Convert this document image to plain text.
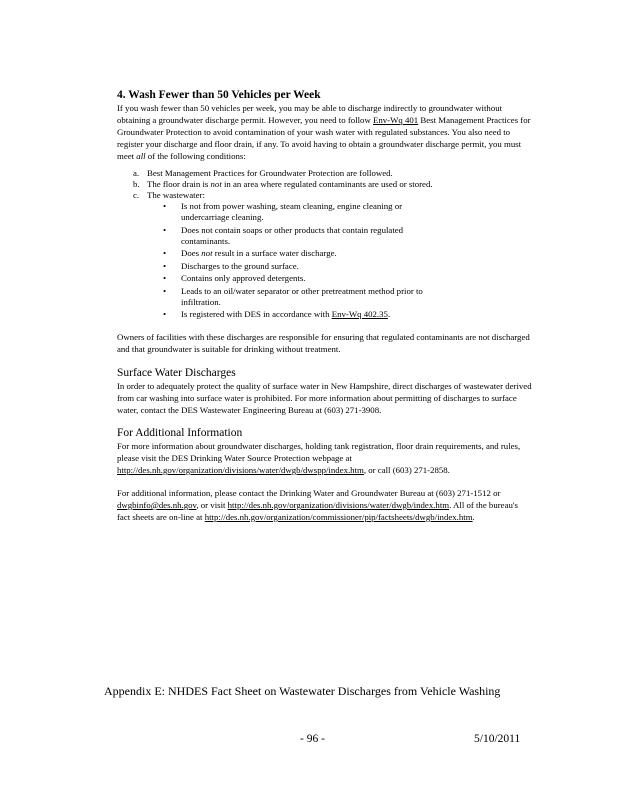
4. Wash Fewer than 50 Vehicles per Week

If you wash fewer than 50 vehicles per week, you may be able to discharge indirectly to groundwater without obtaining a groundwater discharge permit. However, you need to follow Env-Wq 401 Best Management Practices for Groundwater Protection to avoid contamination of your wash water with regulated substances. You also need to register your discharge and floor drain, if any. To avoid having to obtain a groundwater discharge permit, you must meet all of the following conditions:

a. Best Management Practices for Groundwater Protection are followed.
b. The floor drain is not in an area where regulated contaminants are used or stored.
c. The wastewater:
• Is not from power washing, steam cleaning, engine cleaning or undercarriage cleaning.
• Does not contain soaps or other products that contain regulated contaminants.
• Does not result in a surface water discharge.
• Discharges to the ground surface.
• Contains only approved detergents.
• Leads to an oil/water separator or other pretreatment method prior to infiltration.
• Is registered with DES in accordance with Env-Wq 402.35.

Owners of facilities with these discharges are responsible for ensuring that regulated contaminants are not discharged and that groundwater is suitable for drinking without treatment.

Surface Water Discharges

In order to adequately protect the quality of surface water in New Hampshire, direct discharges of wastewater derived from car washing into surface water is prohibited. For more information about permitting of discharges to surface water, contact the DES Wastewater Engineering Bureau at (603) 271-3908.

For Additional Information

For more information about groundwater discharges, holding tank registration, floor drain requirements, and rules, please visit the DES Drinking Water Source Protection webpage at http://des.nh.gov/organization/divisions/water/dwgb/dwspp/index.htm, or call (603) 271-2858.

For additional information, please contact the Drinking Water and Groundwater Bureau at (603) 271-1512 or dwgbinfo@des.nh.gov, or visit http://des.nh.gov/organization/divisions/water/dwgb/index.htm. All of the bureau's fact sheets are on-line at http://des.nh.gov/organization/commissioner/pip/factsheets/dwgb/index.htm.

Appendix E: NHDES Fact Sheet on Wastewater Discharges from Vehicle Washing
- 96 -	5/10/2011
